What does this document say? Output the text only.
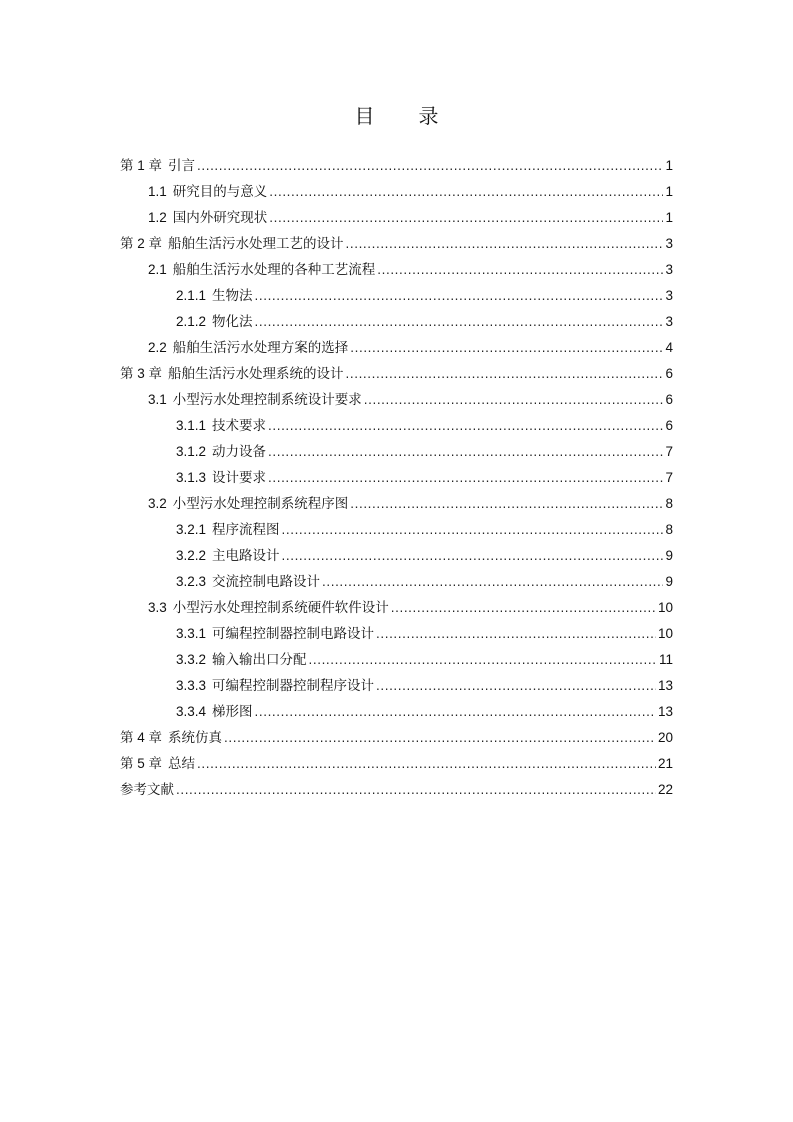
目 录
第 1 章 引言 .....	1
1.1 研究目的与意义 .....	1
1.2 国内外研究现状 .....	1
第 2 章 船舶生活污水处理工艺的设计 .....	3
2.1 船舶生活污水处理的各种工艺流程 .....	3
2.1.1 生物法 .....	3
2.1.2 物化法 .....	3
2.2 船舶生活污水处理方案的选择 .....	4
第 3 章 船舶生活污水处理系统的设计 .....	6
3.1 小型污水处理控制系统设计要求 .....	6
3.1.1 技术要求 .....	6
3.1.2 动力设备 .....	7
3.1.3 设计要求 .....	7
3.2 小型污水处理控制系统程序图 .....	8
3.2.1 程序流程图 .....	8
3.2.2 主电路设计 .....	9
3.2.3 交流控制电路设计 .....	9
3.3 小型污水处理控制系统硬件软件设计 .....	10
3.3.1 可编程控制器控制电路设计 .....	10
3.3.2 输入输出口分配 .....	11
3.3.3 可编程控制器控制程序设计 .....	13
3.3.4 梯形图 .....	13
第 4 章 系统仿真 .....	20
第 5 章 总结 .....	21
参考文献 .....	22
